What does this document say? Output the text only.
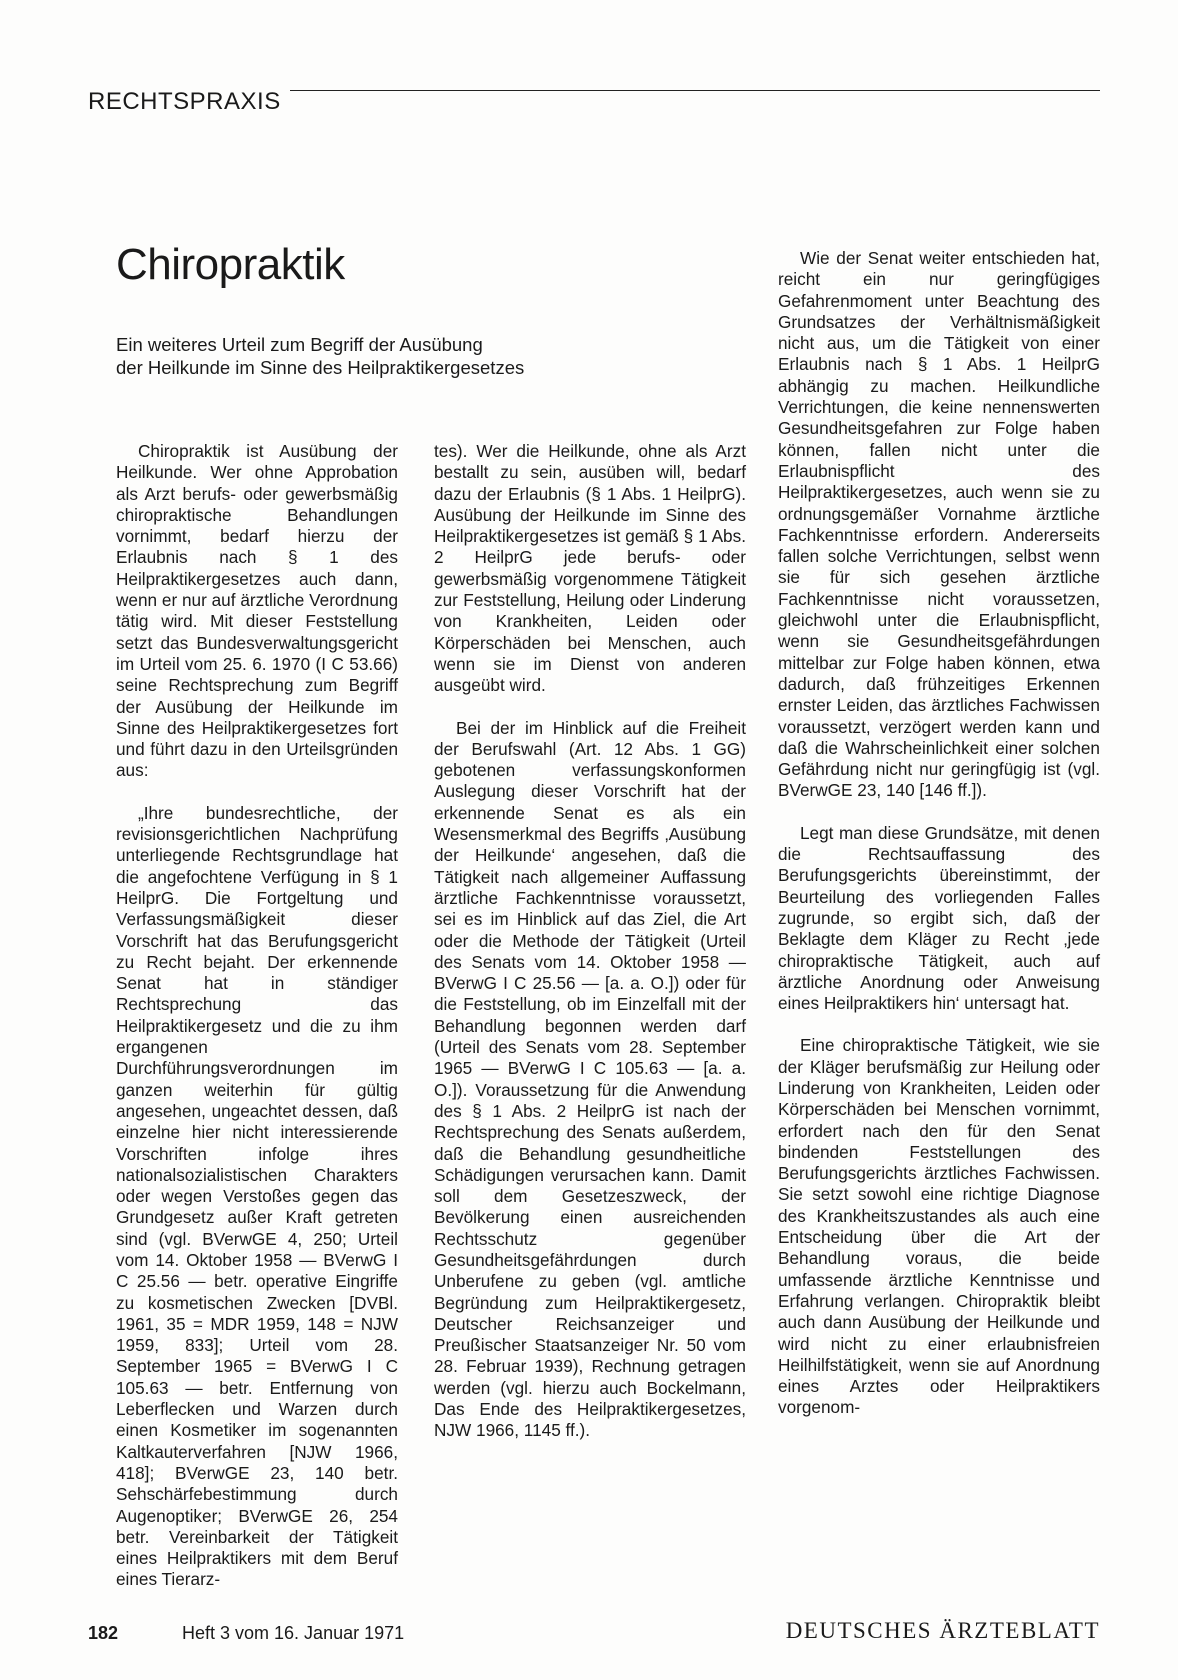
RECHTSPRAXIS
Chiropraktik

Ein weiteres Urteil zum Begriff der Ausübung
der Heilkunde im Sinne des Heilpraktikergesetzes

Chiropraktik ist Ausübung der Heilkunde. Wer ohne Approbation als Arzt berufs- oder gewerbsmäßig chiropraktische Behandlungen vornimmt, bedarf hierzu der Erlaubnis nach § 1 des Heilpraktikergesetzes auch dann, wenn er nur auf ärztliche Verordnung tätig wird. Mit dieser Feststellung setzt das Bundesverwaltungsgericht im Urteil vom 25. 6. 1970 (I C 53.66) seine Rechtsprechung zum Begriff der Ausübung der Heilkunde im Sinne des Heilpraktikergesetzes fort und führt dazu in den Urteilsgründen aus:

„Ihre bundesrechtliche, der revisionsgerichtlichen Nachprüfung unterliegende Rechtsgrundlage hat die angefochtene Verfügung in § 1 HeilprG. Die Fortgeltung und Verfassungsmäßigkeit dieser Vorschrift hat das Berufungsgericht zu Recht bejaht. Der erkennende Senat hat in ständiger Rechtsprechung das Heilpraktikergesetz und die zu ihm ergangenen Durchführungsverordnungen im ganzen weiterhin für gültig angesehen, ungeachtet dessen, daß einzelne hier nicht interessierende Vorschriften infolge ihres nationalsozialistischen Charakters oder wegen Verstoßes gegen das Grundgesetz außer Kraft getreten sind (vgl. BVerwGE 4, 250; Urteil vom 14. Oktober 1958 — BVerwG I C 25.56 — betr. operative Eingriffe zu kosmetischen Zwecken [DVBl. 1961, 35 = MDR 1959, 148 = NJW 1959, 833]; Urteil vom 28. September 1965 = BVerwG I C 105.63 — betr. Entfernung von Leberflecken und Warzen durch einen Kosmetiker im sogenannten Kaltkauterverfahren [NJW 1966, 418]; BVerwGE 23, 140 betr. Sehschärfebestimmung durch Augenoptiker; BVerwGE 26, 254 betr. Vereinbarkeit der Tätigkeit eines Heilpraktikers mit dem Beruf eines Tierarz-

tes). Wer die Heilkunde, ohne als Arzt bestallt zu sein, ausüben will, bedarf dazu der Erlaubnis (§ 1 Abs. 1 HeilprG). Ausübung der Heilkunde im Sinne des Heilpraktikergesetzes ist gemäß § 1 Abs. 2 HeilprG jede berufs- oder gewerbsmäßig vorgenommene Tätigkeit zur Feststellung, Heilung oder Linderung von Krankheiten, Leiden oder Körperschäden bei Menschen, auch wenn sie im Dienst von anderen ausgeübt wird.

Bei der im Hinblick auf die Freiheit der Berufswahl (Art. 12 Abs. 1 GG) gebotenen verfassungskonformen Auslegung dieser Vorschrift hat der erkennende Senat es als ein Wesensmerkmal des Begriffs ‚Ausübung der Heilkunde‘ angesehen, daß die Tätigkeit nach allgemeiner Auffassung ärztliche Fachkenntnisse voraussetzt, sei es im Hinblick auf das Ziel, die Art oder die Methode der Tätigkeit (Urteil des Senats vom 14. Oktober 1958 — BVerwG I C 25.56 — [a. a. O.]) oder für die Feststellung, ob im Einzelfall mit der Behandlung begonnen werden darf (Urteil des Senats vom 28. September 1965 — BVerwG I C 105.63 — [a. a. O.]). Voraussetzung für die Anwendung des § 1 Abs. 2 HeilprG ist nach der Rechtsprechung des Senats außerdem, daß die Behandlung gesundheitliche Schädigungen verursachen kann. Damit soll dem Gesetzeszweck, der Bevölkerung einen ausreichenden Rechtsschutz gegenüber Gesundheitsgefährdungen durch Unberufene zu geben (vgl. amtliche Begründung zum Heilpraktikergesetz, Deutscher Reichsanzeiger und Preußischer Staatsanzeiger Nr. 50 vom 28. Februar 1939), Rechnung getragen werden (vgl. hierzu auch Bockelmann, Das Ende des Heilpraktikergesetzes, NJW 1966, 1145 ff.).

Wie der Senat weiter entschieden hat, reicht ein nur geringfügiges Gefahrenmoment unter Beachtung des Grundsatzes der Verhältnismäßigkeit nicht aus, um die Tätigkeit von einer Erlaubnis nach § 1 Abs. 1 HeilprG abhängig zu machen. Heilkundliche Verrichtungen, die keine nennenswerten Gesundheitsgefahren zur Folge haben können, fallen nicht unter die Erlaubnispflicht des Heilpraktikergesetzes, auch wenn sie zu ordnungsgemäßer Vornahme ärztliche Fachkenntnisse erfordern. Andererseits fallen solche Verrichtungen, selbst wenn sie für sich gesehen ärztliche Fachkenntnisse nicht voraussetzen, gleichwohl unter die Erlaubnispflicht, wenn sie Gesundheitsgefährdungen mittelbar zur Folge haben können, etwa dadurch, daß frühzeitiges Erkennen ernster Leiden, das ärztliches Fachwissen voraussetzt, verzögert werden kann und daß die Wahrscheinlichkeit einer solchen Gefährdung nicht nur geringfügig ist (vgl. BVerwGE 23, 140 [146 ff.]).

Legt man diese Grundsätze, mit denen die Rechtsauffassung des Berufungsgerichts übereinstimmt, der Beurteilung des vorliegenden Falles zugrunde, so ergibt sich, daß der Beklagte dem Kläger zu Recht ‚jede chiropraktische Tätigkeit, auch auf ärztliche Anordnung oder Anweisung eines Heilpraktikers hin‘ untersagt hat.

Eine chiropraktische Tätigkeit, wie sie der Kläger berufsmäßig zur Heilung oder Linderung von Krankheiten, Leiden oder Körperschäden bei Menschen vornimmt, erfordert nach den für den Senat bindenden Feststellungen des Berufungsgerichts ärztliches Fachwissen. Sie setzt sowohl eine richtige Diagnose des Krankheitszustandes als auch eine Entscheidung über die Art der Behandlung voraus, die beide umfassende ärztliche Kenntnisse und Erfahrung verlangen. Chiropraktik bleibt auch dann Ausübung der Heilkunde und wird nicht zu einer erlaubnisfreien Heilhilfstätigkeit, wenn sie auf Anordnung eines Arztes oder Heilpraktikers vorgenom-

182	Heft 3 vom 16. Januar 1971	DEUTSCHES ÄRZTEBLATT
